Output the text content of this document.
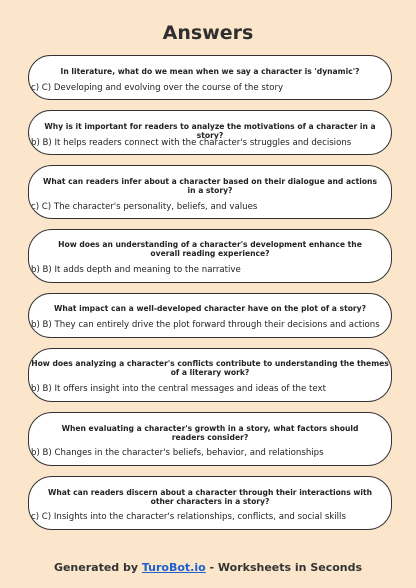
Answers
In literature, what do we mean when we say a character is 'dynamic'?
c) C) Developing and evolving over the course of the story
Why is it important for readers to analyze the motivations of a character in a story?
b) B) It helps readers connect with the character's struggles and decisions
What can readers infer about a character based on their dialogue and actions in a story?
c) C) The character's personality, beliefs, and values
How does an understanding of a character's development enhance the overall reading experience?
b) B) It adds depth and meaning to the narrative
What impact can a well-developed character have on the plot of a story?
b) B) They can entirely drive the plot forward through their decisions and actions
How does analyzing a character's conflicts contribute to understanding the themes of a literary work?
b) B) It offers insight into the central messages and ideas of the text
When evaluating a character's growth in a story, what factors should readers consider?
b) B) Changes in the character's beliefs, behavior, and relationships
What can readers discern about a character through their interactions with other characters in a story?
c) C) Insights into the character's relationships, conflicts, and social skills
Generated by TuroBot.io - Worksheets in Seconds
